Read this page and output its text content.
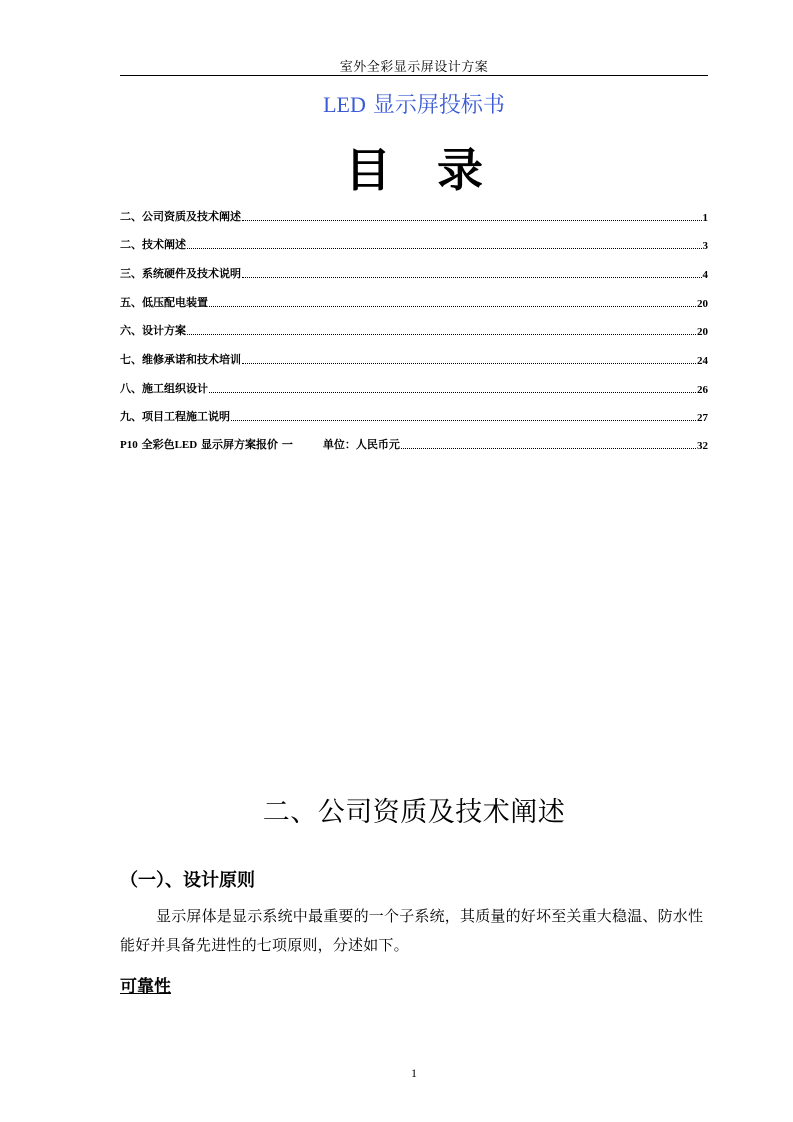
室外全彩显示屏设计方案
LED 显示屏投标书
目 录
二、公司资质及技术阐述	1
二、技术阐述	3
三、系统硬件及技术说明	4
五、低压配电装置	20
六、设计方案	20
七、维修承诺和技术培训	24
八、施工组织设计	26
九、项目工程施工说明	27
P10 全彩色LED 显示屏方案报价 一	单位：人民币元	32
二、公司资质及技术阐述
（一）、设计原则
显示屏体是显示系统中最重要的一个子系统，其质量的好坏至关重大稳温、防水性能好并具备先进性的七项原则，分述如下。
可靠性
1
